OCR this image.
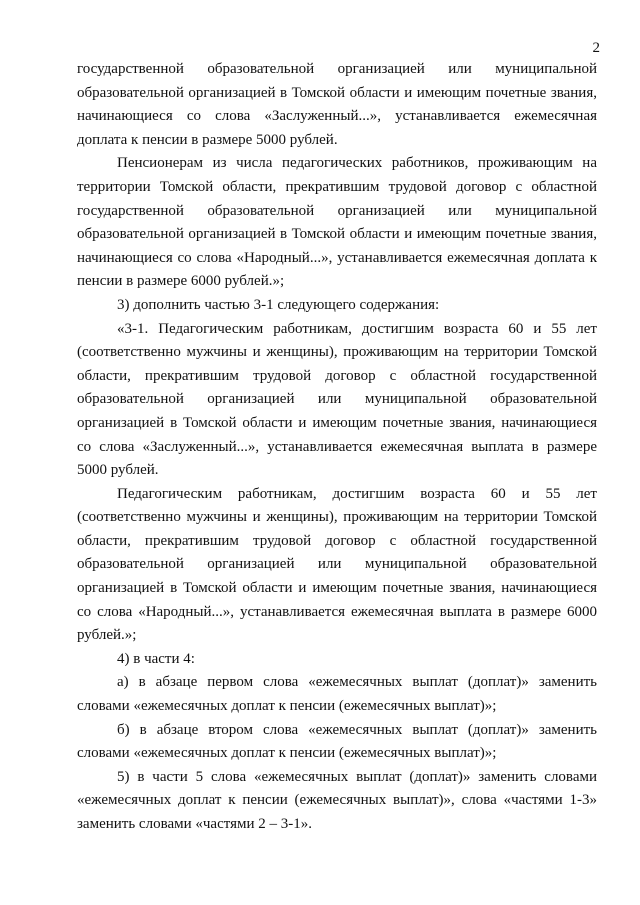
2

государственной образовательной организацией или муниципальной образовательной организацией в Томской области и имеющим почетные звания, начинающиеся со слова «Заслуженный...», устанавливается ежемесячная доплата к пенсии в размере 5000 рублей.

Пенсионерам из числа педагогических работников, проживающим на территории Томской области, прекратившим трудовой договор с областной государственной образовательной организацией или муниципальной образовательной организацией в Томской области и имеющим почетные звания, начинающиеся со слова «Народный...», устанавливается ежемесячная доплата к пенсии в размере 6000 рублей.»;

3) дополнить частью 3-1 следующего содержания:

«3-1. Педагогическим работникам, достигшим возраста 60 и 55 лет (соответственно мужчины и женщины), проживающим на территории Томской области, прекратившим трудовой договор с областной государственной образовательной организацией или муниципальной образовательной организацией в Томской области и имеющим почетные звания, начинающиеся со слова «Заслуженный...», устанавливается ежемесячная выплата в размере 5000 рублей.

Педагогическим работникам, достигшим возраста 60 и 55 лет (соответственно мужчины и женщины), проживающим на территории Томской области, прекратившим трудовой договор с областной государственной образовательной организацией или муниципальной образовательной организацией в Томской области и имеющим почетные звания, начинающиеся со слова «Народный...», устанавливается ежемесячная выплата в размере 6000 рублей.»;

4) в части 4:

а) в абзаце первом слова «ежемесячных выплат (доплат)» заменить словами «ежемесячных доплат к пенсии (ежемесячных выплат)»;

б) в абзаце втором слова «ежемесячных выплат (доплат)» заменить словами «ежемесячных доплат к пенсии (ежемесячных выплат)»;

5) в части 5 слова «ежемесячных выплат (доплат)» заменить словами «ежемесячных доплат к пенсии (ежемесячных выплат)», слова «частями 1-3» заменить словами «частями 2 – 3-1».
